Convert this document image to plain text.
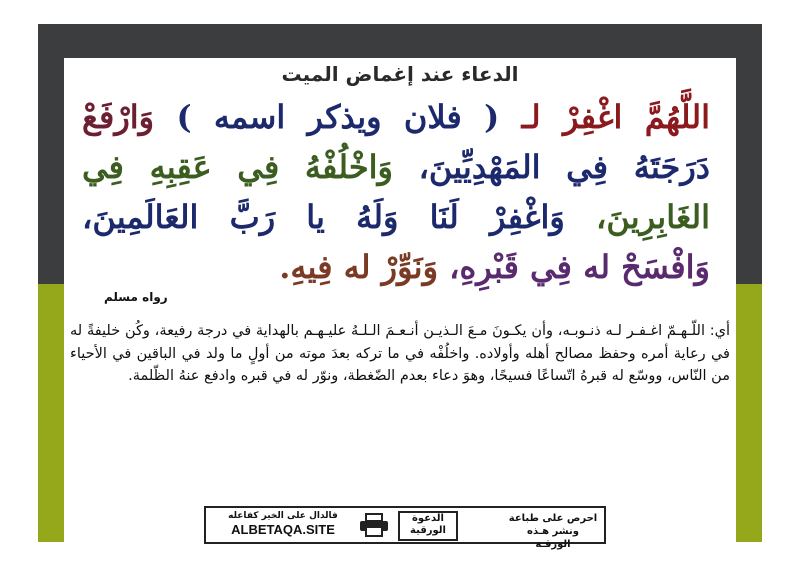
الدعاء عند إغماض الميت
اللَّهُمَّ اغْفِرْ لـ ( فلان ويذكر اسمه ) وَارْفَعْ
دَرَجَتَهُ فِي المَهْدِيِّينَ، وَاخْلُفْهُ فِي عَقِبِهِ فِي
الغَابِرِينَ، وَاغْفِرْ لَنَا وَلَهُ يا رَبَّ العَالَمِينَ،
وَافْسَحْ له فِي قَبْرِهِ، وَنَوِّرْ له فِيهِ.
رواه مسلم
أي: اللّـهـمّ اغـفـر لـه ذنـوبـه، وأن يكـونَ مـعَ الـذيـن أنـعـمَ الـلـهُ عليـهـم بالهداية في درجة رفيعة، وكُن خليفةً له في رعاية أمره وحفظ مصالح أهله وأولاده. واخلُفْه في ما تركه بعدَ موته من أولٍ ما ولد في الباقين في الأحياء من النّاس، ووسّع له قبرهُ اتّساعًا فسيحًا، وهوَ دعاء بعدم الضّغطة، ونوّر له في قبره وادفع عنهُ الظّلمة.
احرص على طباعة ونشر هـذه الورقـة
الدعوة الورقية
فالدال على الخير كفاعله
ALBETAQA.SITE
